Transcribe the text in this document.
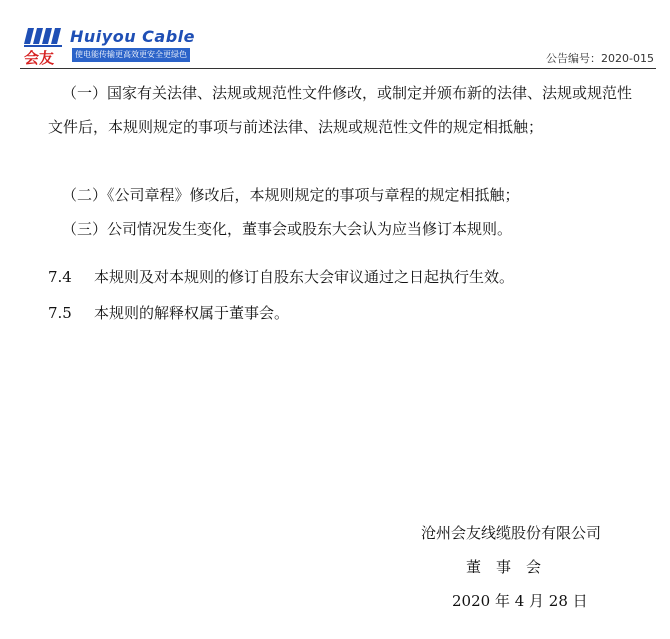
会友
Huiyou Cable
使电能传输更高效更安全更绿色	公告编号：2020-015

（一）国家有关法律、法规或规范性文件修改，或制定并颁布新的法律、法规或规范性文件后，本规则规定的事项与前述法律、法规或规范性文件的规定相抵触；

（二）《公司章程》修改后，本规则规定的事项与章程的规定相抵触；

（三）公司情况发生变化，董事会或股东大会认为应当修订本规则。

7.4 本规则及对本规则的修订自股东大会审议通过之日起执行生效。

7.5 本规则的解释权属于董事会。

沧州会友线缆股份有限公司
董　事　会
2020 年 4 月 28 日
